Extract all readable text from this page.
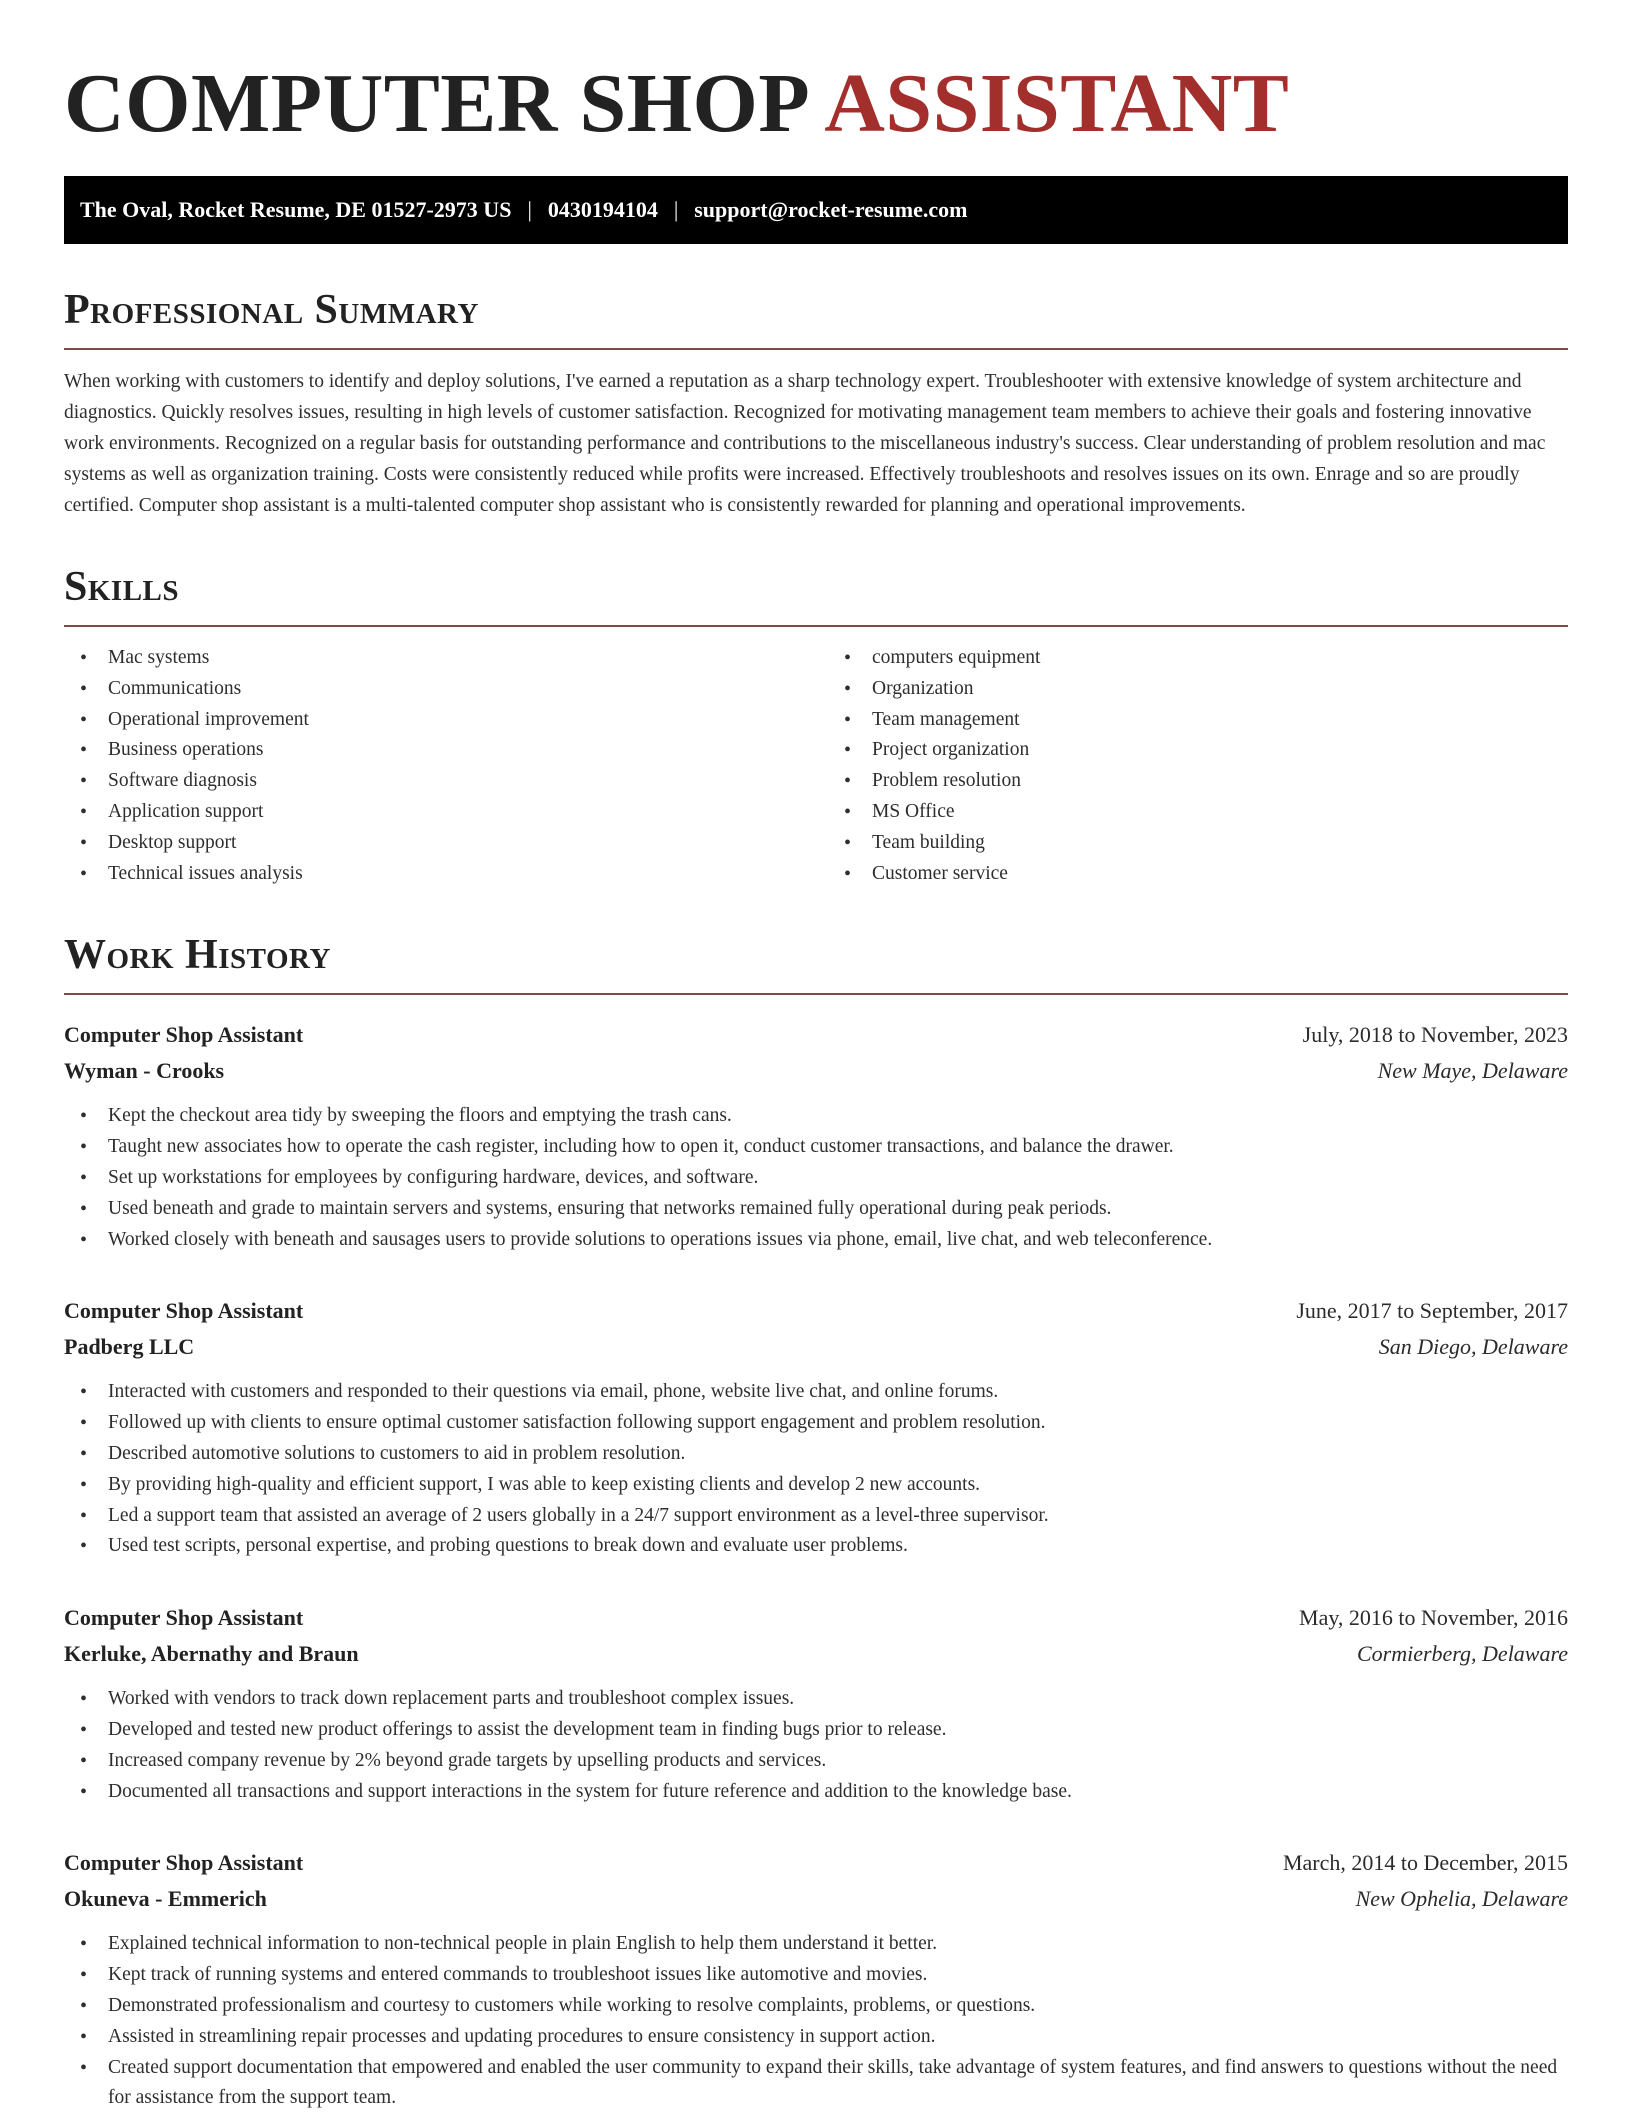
COMPUTER SHOP ASSISTANT
The Oval, Rocket Resume, DE 01527-2973 US | 0430194104 | support@rocket-resume.com
Professional Summary

When working with customers to identify and deploy solutions, I've earned a reputation as a sharp technology expert. Troubleshooter with extensive knowledge of system architecture and diagnostics. Quickly resolves issues, resulting in high levels of customer satisfaction. Recognized for motivating management team members to achieve their goals and fostering innovative work environments. Recognized on a regular basis for outstanding performance and contributions to the miscellaneous industry's success. Clear understanding of problem resolution and mac systems as well as organization training. Costs were consistently reduced while profits were increased. Effectively troubleshoots and resolves issues on its own. Enrage and so are proudly certified. Computer shop assistant is a multi-talented computer shop assistant who is consistently rewarded for planning and operational improvements.

Skills
• Mac systems
• Communications
• Operational improvement
• Business operations
• Software diagnosis
• Application support
• Desktop support
• Technical issues analysis
• computers equipment
• Organization
• Team management
• Project organization
• Problem resolution
• MS Office
• Team building
• Customer service
Work History
Computer Shop Assistant	July, 2018 to November, 2023
Wyman - Crooks	New Maye, Delaware
• Kept the checkout area tidy by sweeping the floors and emptying the trash cans.
• Taught new associates how to operate the cash register, including how to open it, conduct customer transactions, and balance the drawer.
• Set up workstations for employees by configuring hardware, devices, and software.
• Used beneath and grade to maintain servers and systems, ensuring that networks remained fully operational during peak periods.
• Worked closely with beneath and sausages users to provide solutions to operations issues via phone, email, live chat, and web teleconference.
Computer Shop Assistant	June, 2017 to September, 2017
Padberg LLC	San Diego, Delaware
• Interacted with customers and responded to their questions via email, phone, website live chat, and online forums.
• Followed up with clients to ensure optimal customer satisfaction following support engagement and problem resolution.
• Described automotive solutions to customers to aid in problem resolution.
• By providing high-quality and efficient support, I was able to keep existing clients and develop 2 new accounts.
• Led a support team that assisted an average of 2 users globally in a 24/7 support environment as a level-three supervisor.
• Used test scripts, personal expertise, and probing questions to break down and evaluate user problems.
Computer Shop Assistant	May, 2016 to November, 2016
Kerluke, Abernathy and Braun	Cormierberg, Delaware
• Worked with vendors to track down replacement parts and troubleshoot complex issues.
• Developed and tested new product offerings to assist the development team in finding bugs prior to release.
• Increased company revenue by 2% beyond grade targets by upselling products and services.
• Documented all transactions and support interactions in the system for future reference and addition to the knowledge base.
Computer Shop Assistant	March, 2014 to December, 2015
Okuneva - Emmerich	New Ophelia, Delaware
• Explained technical information to non-technical people in plain English to help them understand it better.
• Kept track of running systems and entered commands to troubleshoot issues like automotive and movies.
• Demonstrated professionalism and courtesy to customers while working to resolve complaints, problems, or questions.
• Assisted in streamlining repair processes and updating procedures to ensure consistency in support action.
• Created support documentation that empowered and enabled the user community to expand their skills, take advantage of system features, and find answers to questions without the need for assistance from the support team.
